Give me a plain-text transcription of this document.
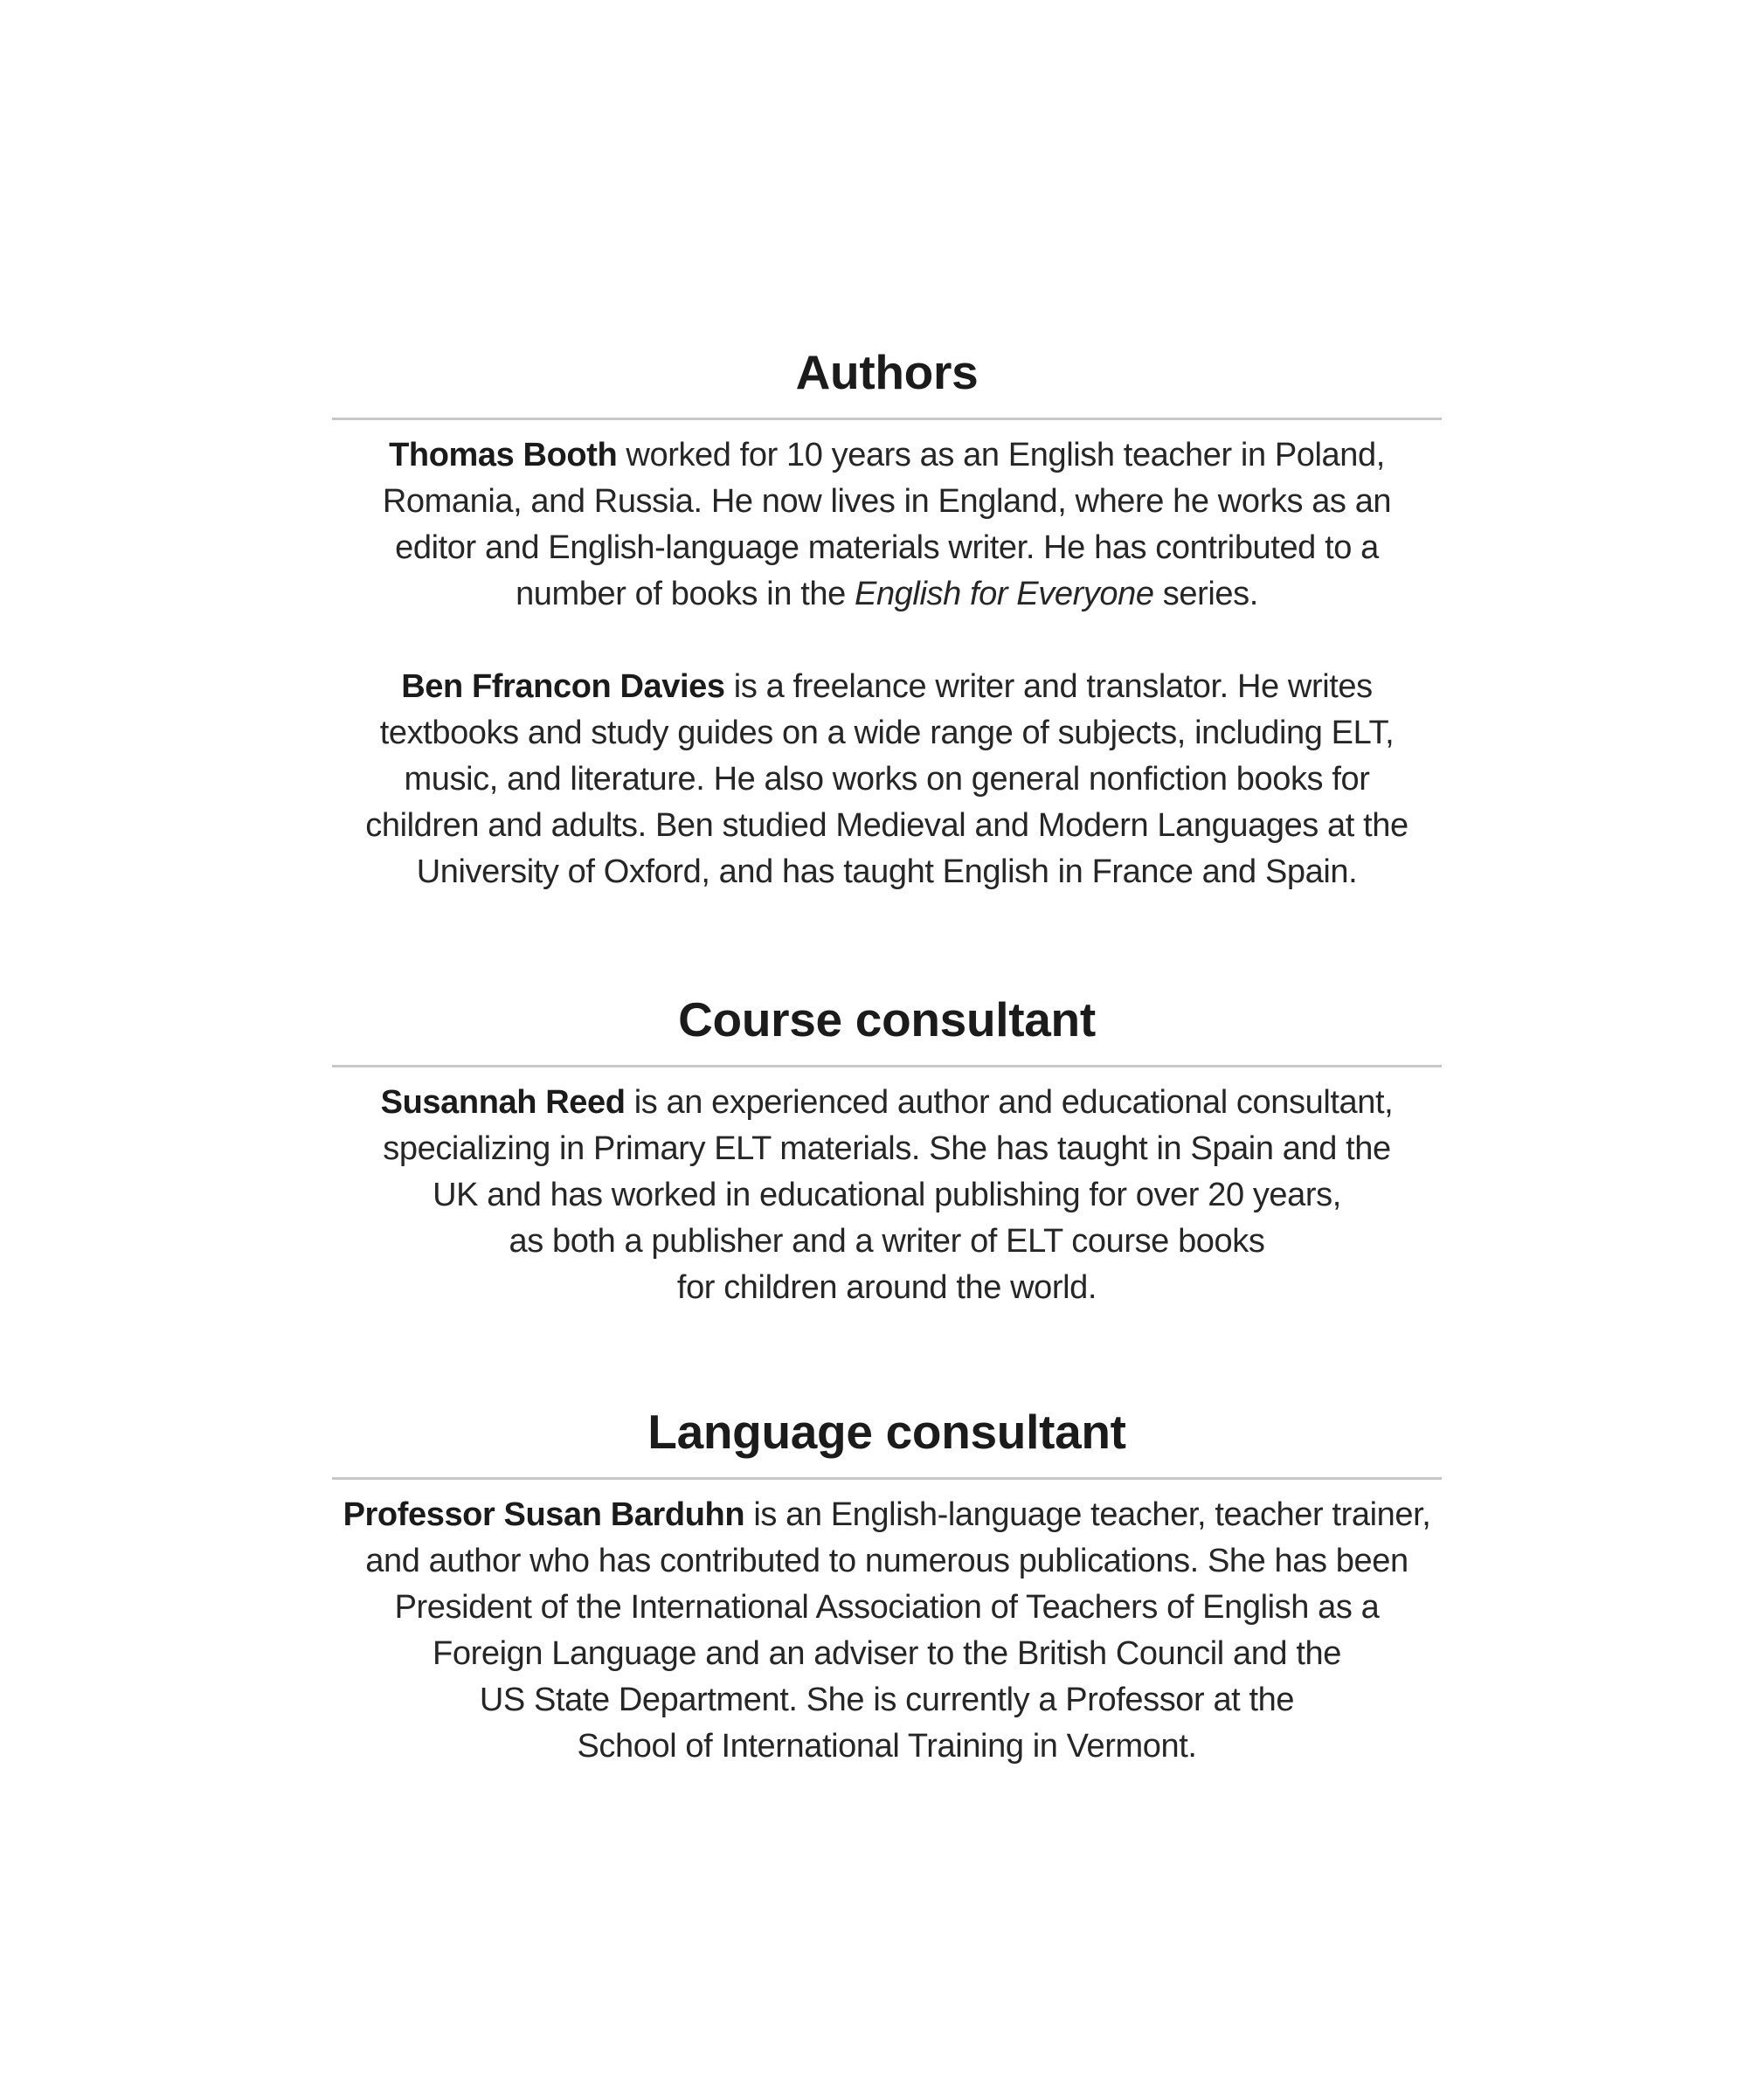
Authors

Thomas Booth worked for 10 years as an English teacher in Poland,
Romania, and Russia. He now lives in England, where he works as an
editor and English-language materials writer. He has contributed to a
number of books in the English for Everyone series.

Ben Ffrancon Davies is a freelance writer and translator. He writes
textbooks and study guides on a wide range of subjects, including ELT,
music, and literature. He also works on general nonfiction books for
children and adults. Ben studied Medieval and Modern Languages at the
University of Oxford, and has taught English in France and Spain.

Course consultant

Susannah Reed is an experienced author and educational consultant,
specializing in Primary ELT materials. She has taught in Spain and the
UK and has worked in educational publishing for over 20 years,
as both a publisher and a writer of ELT course books
for children around the world.

Language consultant

Professor Susan Barduhn is an English-language teacher, teacher trainer,
and author who has contributed to numerous publications. She has been
President of the International Association of Teachers of English as a
Foreign Language and an adviser to the British Council and the
US State Department. She is currently a Professor at the
School of International Training in Vermont.
